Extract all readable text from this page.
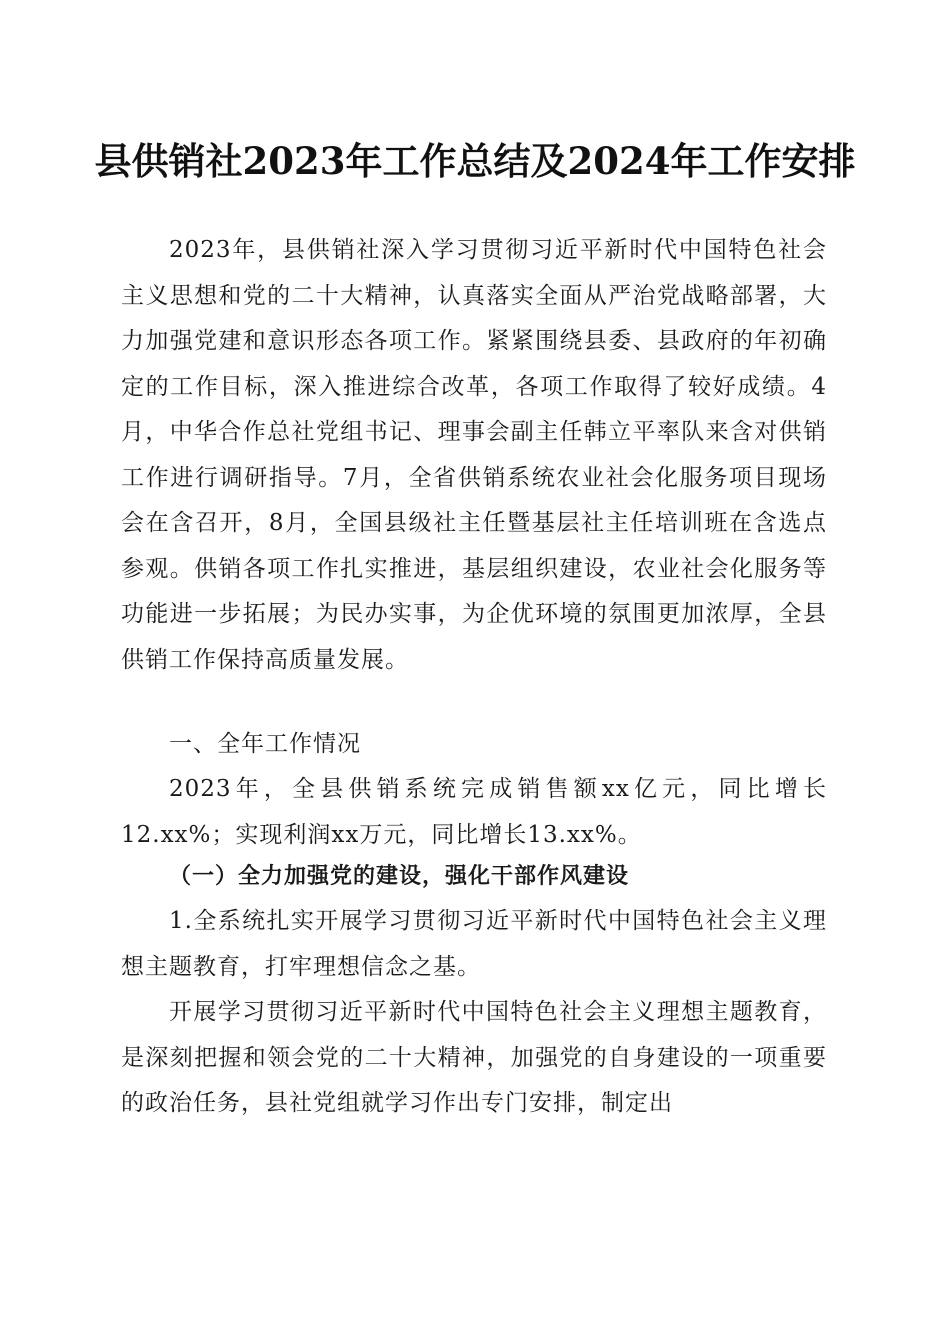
县供销社2023年工作总结及2024年工作安排

2023年，县供销社深入学习贯彻习近平新时代中国特色社会主义思想和党的二十大精神，认真落实全面从严治党战略部署，大力加强党建和意识形态各项工作。紧紧围绕县委、县政府的年初确定的工作目标，深入推进综合改革，各项工作取得了较好成绩。4月，中华合作总社党组书记、理事会副主任韩立平率队来含对供销工作进行调研指导。7月，全省供销系统农业社会化服务项目现场会在含召开，8月，全国县级社主任暨基层社主任培训班在含选点参观。供销各项工作扎实推进，基层组织建设，农业社会化服务等功能进一步拓展；为民办实事，为企优环境的氛围更加浓厚，全县供销工作保持高质量发展。

一、全年工作情况

2023年，全县供销系统完成销售额xx亿元，同比增长12.xx%；实现利润xx万元，同比增长13.xx%。

（一）全力加强党的建设，强化干部作风建设

1.全系统扎实开展学习贯彻习近平新时代中国特色社会主义理想主题教育，打牢理想信念之基。

开展学习贯彻习近平新时代中国特色社会主义理想主题教育，是深刻把握和领会党的二十大精神，加强党的自身建设的一项重要的政治任务，县社党组就学习作出专门安排，制定出
